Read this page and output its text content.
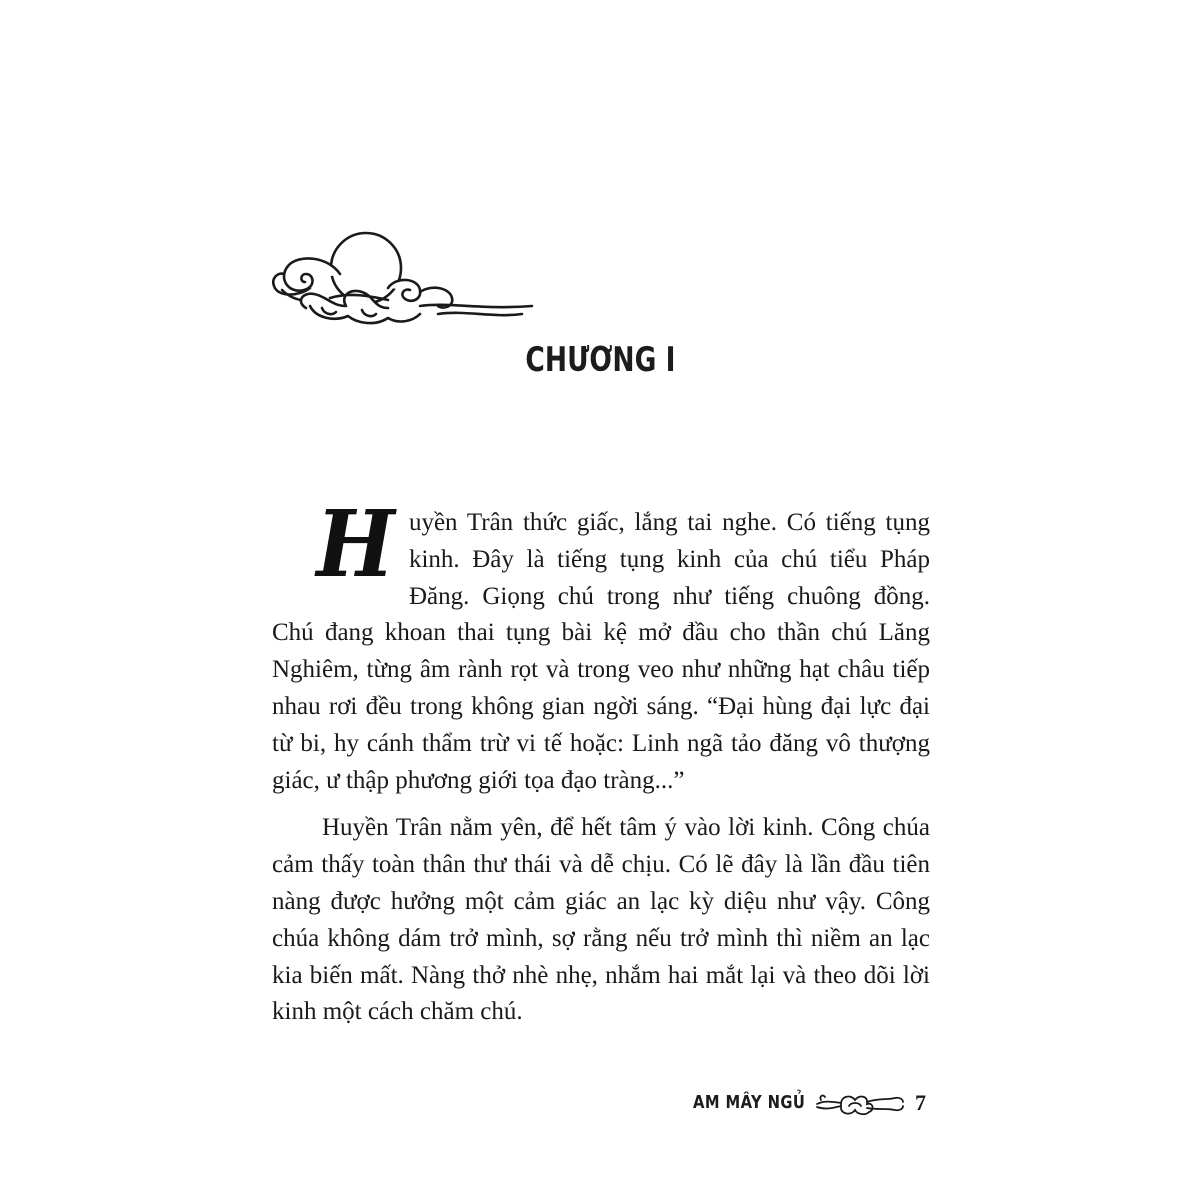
CHƯƠNG I

Huyền Trân thức giấc, lắng tai nghe. Có tiếng tụng kinh. Đây là tiếng tụng kinh của chú tiểu Pháp Đăng. Giọng chú trong như tiếng chuông đồng. Chú đang khoan thai tụng bài kệ mở đầu cho thần chú Lăng Nghiêm, từng âm rành rọt và trong veo như những hạt châu tiếp nhau rơi đều trong không gian ngời sáng. “Đại hùng đại lực đại từ bi, hy cánh thẩm trừ vi tế hoặc: Linh ngã tảo đăng vô thượng giác, ư thập phương giới tọa đạo tràng...”

Huyền Trân nằm yên, để hết tâm ý vào lời kinh. Công chúa cảm thấy toàn thân thư thái và dễ chịu. Có lẽ đây là lần đầu tiên nàng được hưởng một cảm giác an lạc kỳ diệu như vậy. Công chúa không dám trở mình, sợ rằng nếu trở mình thì niềm an lạc kia biến mất. Nàng thở nhè nhẹ, nhắm hai mắt lại và theo dõi lời kinh một cách chăm chú.

AM MÂY NGỦ	7
